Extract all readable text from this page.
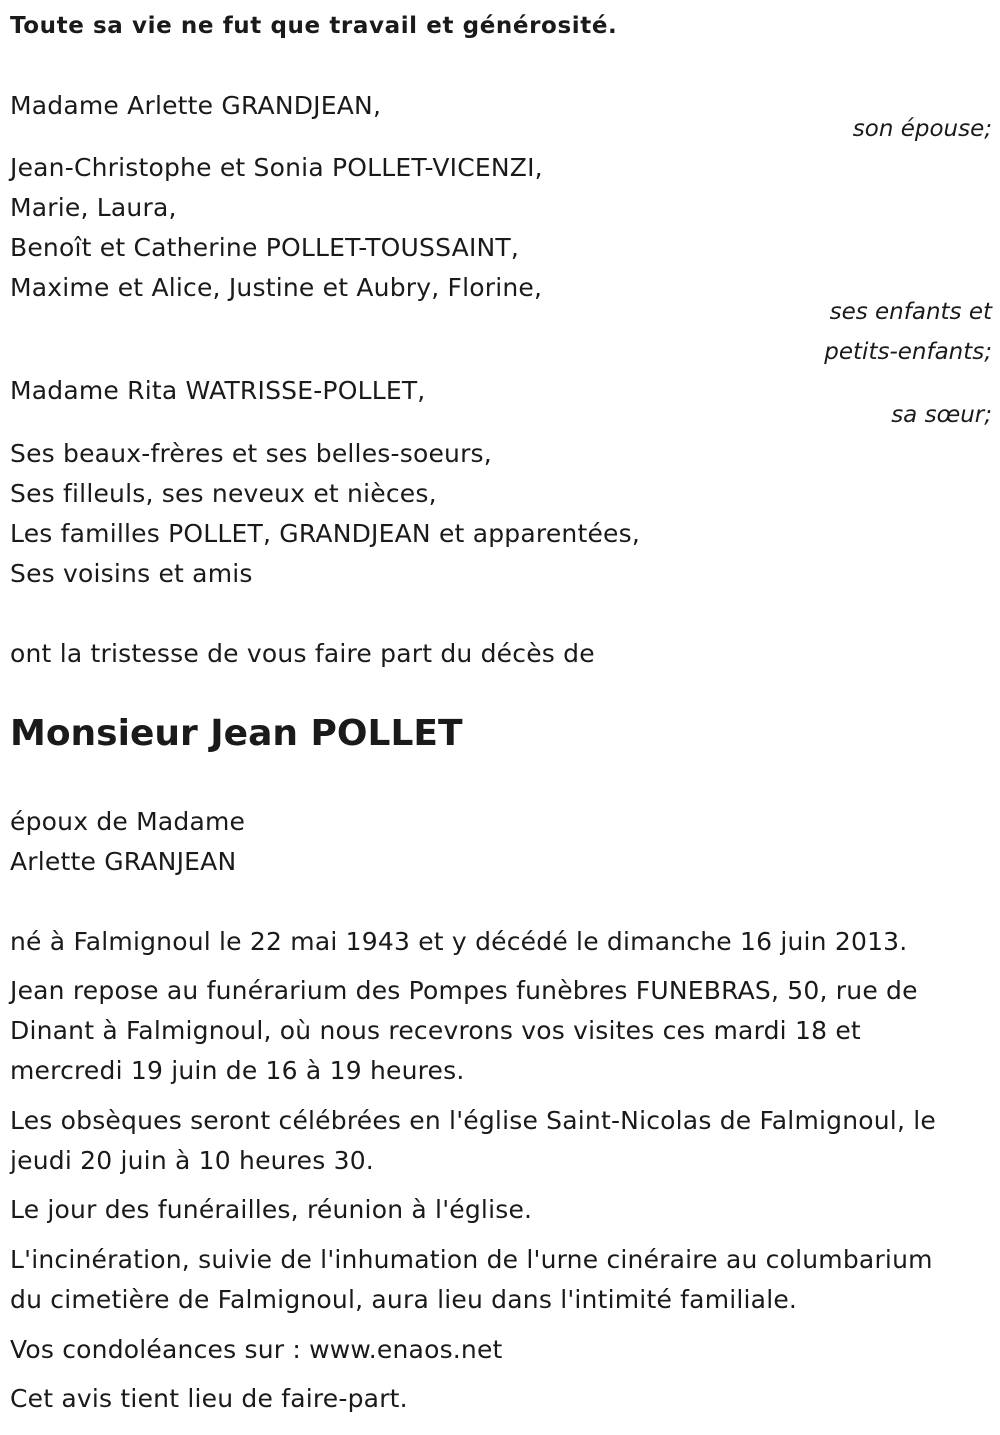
Toute sa vie ne fut que travail et générosité.
Madame Arlette GRANDJEAN,
son épouse;
Jean-Christophe et Sonia POLLET-VICENZI,
Marie, Laura,
Benoît et Catherine POLLET-TOUSSAINT,
Maxime et Alice, Justine et Aubry, Florine,
ses enfants et
petits-enfants;
Madame Rita WATRISSE-POLLET,
sa sœur;
Ses beaux-frères et ses belles-soeurs,
Ses filleuls, ses neveux et nièces,
Les familles POLLET, GRANDJEAN et apparentées,
Ses voisins et amis
ont la tristesse de vous faire part du décès de
Monsieur Jean POLLET
époux de Madame
Arlette GRANJEAN
né à Falmignoul le 22 mai 1943 et y décédé le dimanche 16 juin 2013.
Jean repose au funérarium des Pompes funèbres FUNEBRAS, 50, rue de
Dinant à Falmignoul, où nous recevrons vos visites ces mardi 18 et
mercredi 19 juin de 16 à 19 heures.
Les obsèques seront célébrées en l'église Saint-Nicolas de Falmignoul, le
jeudi 20 juin à 10 heures 30.
Le jour des funérailles, réunion à l'église.
L'incinération, suivie de l'inhumation de l'urne cinéraire au columbarium
du cimetière de Falmignoul, aura lieu dans l'intimité familiale.
Vos condoléances sur : www.enaos.net
Cet avis tient lieu de faire-part.
